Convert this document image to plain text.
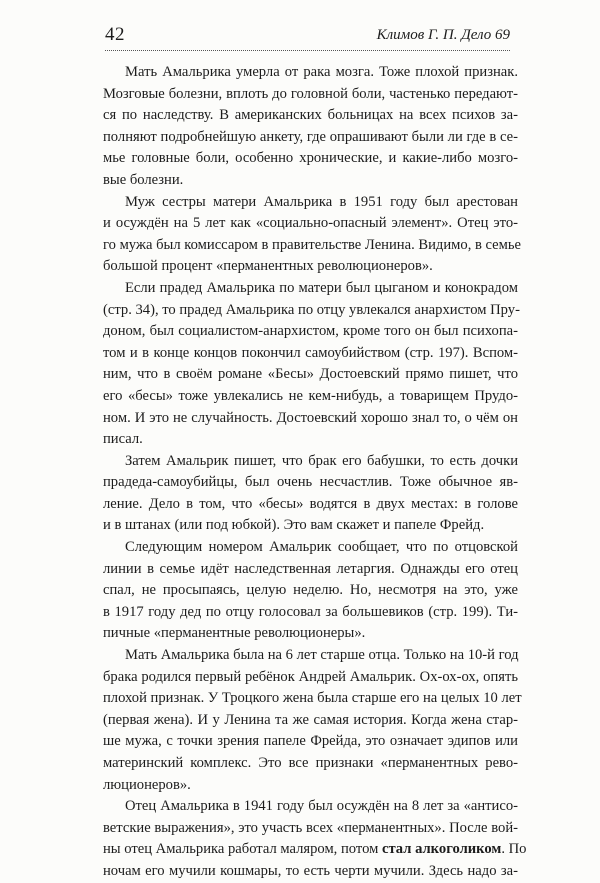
42	Климов Г. П. Дело 69
Мать Амальрика умерла от рака мозга. Тоже плохой признак.
Мозговые болезни, вплоть до головной боли, частенько передают-
ся по наследству. В американских больницах на всех психов за-
полняют подробнейшую анкету, где опрашивают были ли где в се-
мье головные боли, особенно хронические, и какие-либо мозго-
вые болезни.
Муж сестры матери Амальрика в 1951 году был арестован
и осуждён на 5 лет как «социально-опасный элемент». Отец это-
го мужа был комиссаром в правительстве Ленина. Видимо, в семье
большой процент «перманентных революционеров».
Если прадед Амальрика по матери был цыганом и конокрадом
(стр. 34), то прадед Амальрика по отцу увлекался анархистом Пру-
доном, был социалистом-анархистом, кроме того он был психопа-
том и в конце концов покончил самоубийством (стр. 197). Вспом-
ним, что в своём романе «Бесы» Достоевский прямо пишет, что
его «бесы» тоже увлекались не кем-нибудь, а товарищем Прудо-
ном. И это не случайность. Достоевский хорошо знал то, о чём он
писал.
Затем Амальрик пишет, что брак его бабушки, то есть дочки
прадеда-самоубийцы, был очень несчастлив. Тоже обычное яв-
ление. Дело в том, что «бесы» водятся в двух местах: в голове
и в штанах (или под юбкой). Это вам скажет и папеле Фрейд.
Следующим номером Амальрик сообщает, что по отцовской
линии в семье идёт наследственная летаргия. Однажды его отец
спал, не просыпаясь, целую неделю. Но, несмотря на это, уже
в 1917 году дед по отцу голосовал за большевиков (стр. 199). Ти-
пичные «перманентные революционеры».
Мать Амальрика была на 6 лет старше отца. Только на 10-й год
брака родился первый ребёнок Андрей Амальрик. Ох-ох-ох, опять
плохой признак. У Троцкого жена была старше его на целых 10 лет
(первая жена). И у Ленина та же самая история. Когда жена стар-
ше мужа, с точки зрения папеле Фрейда, это означает эдипов или
материнский комплекс. Это все признаки «перманентных рево-
люционеров».
Отец Амальрика в 1941 году был осуждён на 8 лет за «антисо-
ветские выражения», это участь всех «перманентных». После вой-
ны отец Амальрика работал маляром, потом стал алкоголиком. По
ночам его мучили кошмары, то есть черти мучили. Здесь надо за-
